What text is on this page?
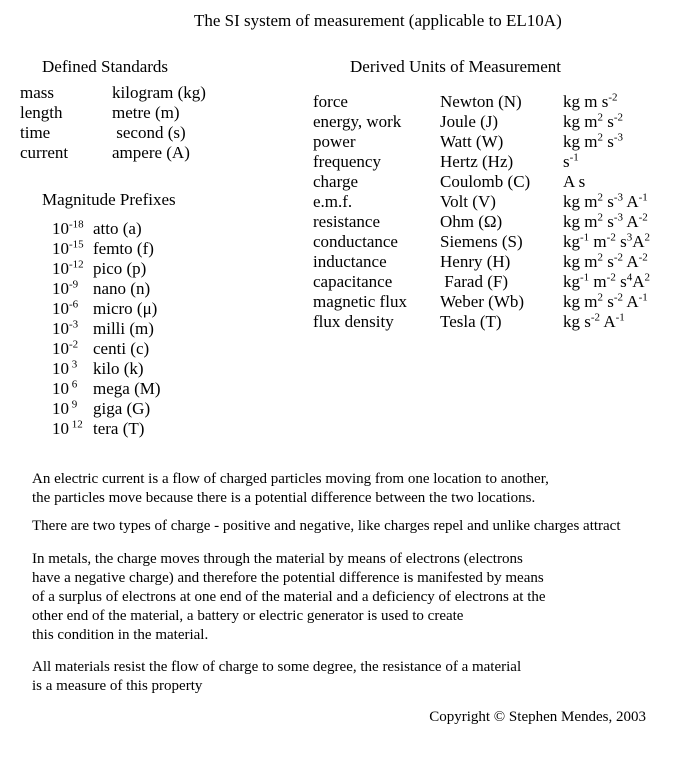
The SI system of measurement (applicable to EL10A)
Defined Standards
mass	kilogram (kg)
length	metre (m)
time	second (s)
current	ampere (A)
Derived Units of Measurement
force	Newton (N)	kg m $s^{-2}$
energy, work	Joule (J)	kg $m^2$ $s^{-2}$
power	Watt (W)	kg $m^2$ $s^{-3}$
frequency	Hertz (Hz)	$s^{-1}$
charge	Coulomb (C)	A s
e.m.f.	Volt (V)	kg $m^2$ $s^{-3}$ $A^{-1}$
resistance	Ohm (Ω)	kg $m^2$ $s^{-3}$ $A^{-2}$
conductance	Siemens (S)	$kg^{-1}$ $m^{-2}$ $s^3A^2$
inductance	Henry (H)	kg $m^2$ $s^{-2}$ $A^{-2}$
capacitance	Farad (F)	$kg^{-1}$ $m^{-2}$ $s^4A^2$
magnetic flux	Weber (Wb)	kg $m^2$ $s^{-2}$ $A^{-1}$
flux density	Tesla (T)	kg $s^{-2}$ $A^{-1}$
Magnitude Prefixes
$10^{-18}$ atto (a)
$10^{-15}$ femto (f)
$10^{-12}$ pico (p)
$10^{-9}$ nano (n)
$10^{-6}$ micro (μ)
$10^{-3}$ milli (m)
$10^{-2}$ centi (c)
10 $^3$ kilo (k)
10 $^6$ mega (M)
10 $^9$ giga (G)
10 $^{12}$ tera (T)
An electric current is a flow of charged particles moving from one location to another,
the particles move because there is a potential difference between the two locations.
There are two types of charge - positive and negative, like charges repel and unlike charges attract
In metals, the charge moves through the material by means of electrons (electrons
have a negative charge) and therefore the potential difference is manifested by means
of a surplus of electrons at one end of the material and a deficiency of electrons at the
other end of the material, a battery or electric generator is used to create
this condition in the material.
All materials resist the flow of charge to some degree, the resistance of a material
is a measure of this property
Copyright © Stephen Mendes, 2003
